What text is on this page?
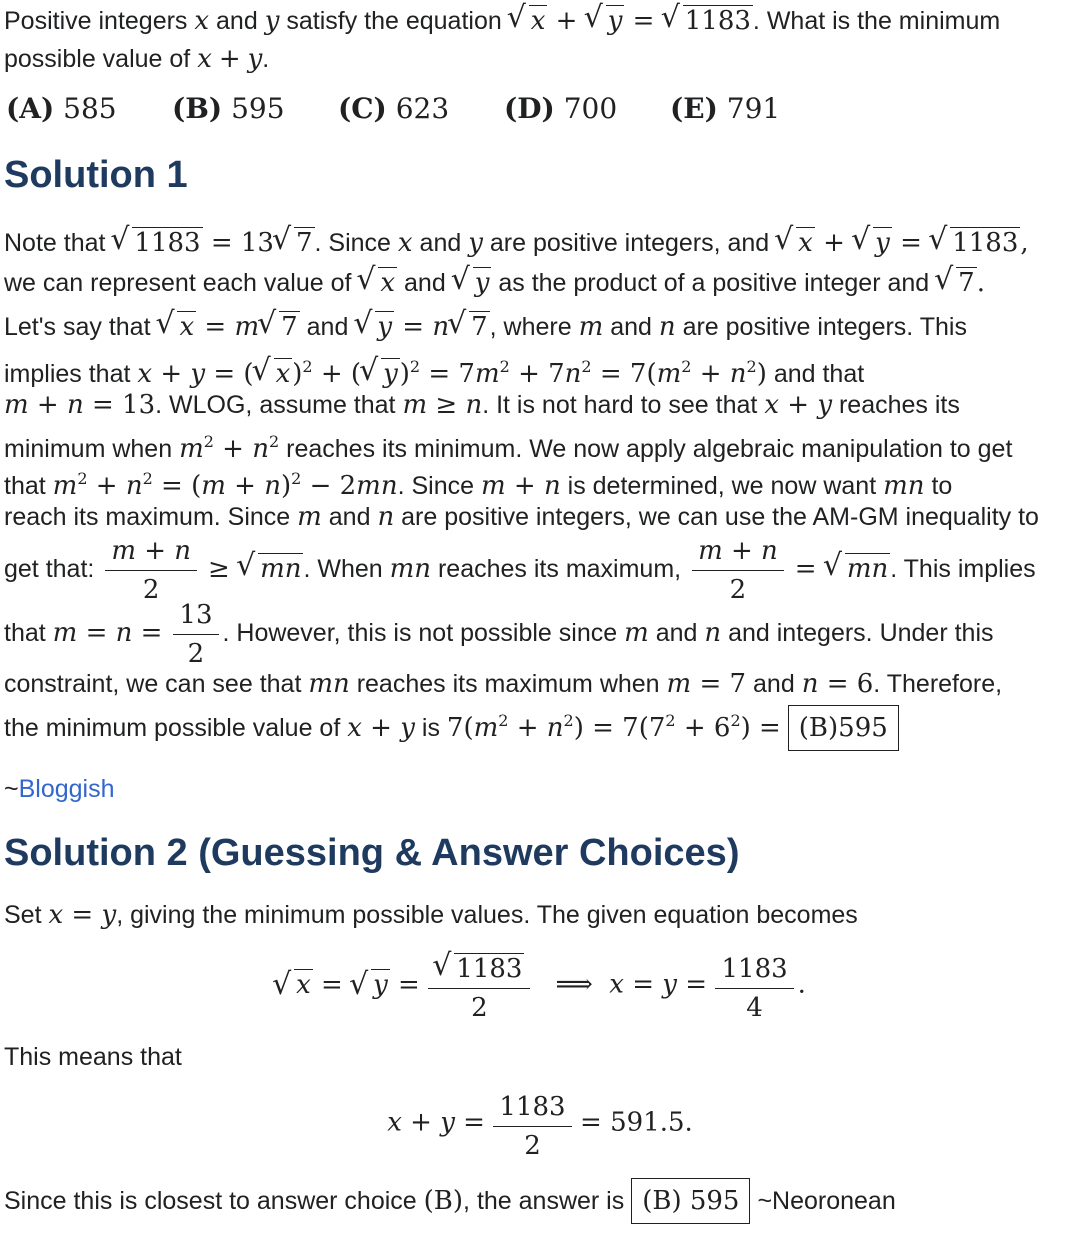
Positive integers x and y satisfy the equation √ x + √ y = √ 1183. What is the minimum
possible value of x + y.
(A) 585 (B) 595 (C) 623 (D) 700 (E) 791
Solution 1
Note that √ 1183 = 13 √ 7. Since x and y are positive integers, and √ x + √ y = √ 1183,
we can represent each value of √ x and √ y as the product of a positive integer and √ 7.
Let's say that √ x = m √ 7 and √ y = n √ 7, where m and n are positive integers. This
implies that x + y = ( √ x)$^2$ + ( √ $y)^2 = 7m^2 + 7n^2 = 7(m^2 + n^2)$ and that
m + n = 13. WLOG, assume that m ≥ n. It is not hard to see that x + y reaches its
minimum when $m^2 + n^2$ reaches its minimum. We now apply algebraic manipulation to get
that $m^2 + n^2 = (m + n)^2 - 2mn$. Since m + n is determined, we now want mn to
reach its maximum. Since m and n are positive integers, we can use the AM-GM inequality to
get that: $\frac{m + n}{2}$ ≥ √ mn. When mn reaches its maximum, $\frac{m + n}{2}$ = √ mn. This implies
that $m = n = \frac{13}{2}$ . However, this is not possible since m and n and integers. Under this
constraint, we can see that mn reaches its maximum when m = 7 and n = 6. Therefore,
the minimum possible value of x + y is $7(m^2 + n^2) = 7(7^2 + 6^2) = (B)595$
~Bloggish
Solution 2 (Guessing & Answer Choices)
Set x = y, giving the minimum possible values. The given equation becomes
√ x = √ y = √ $\frac{1183}{2}$ ⟹  $x = y = \frac{1183}{4}$ .
This means that
$x + y = \frac{1183}{2} = 591.5$.
Since this is closest to answer choice (B), the answer is (B) 595 ~Neoronean
